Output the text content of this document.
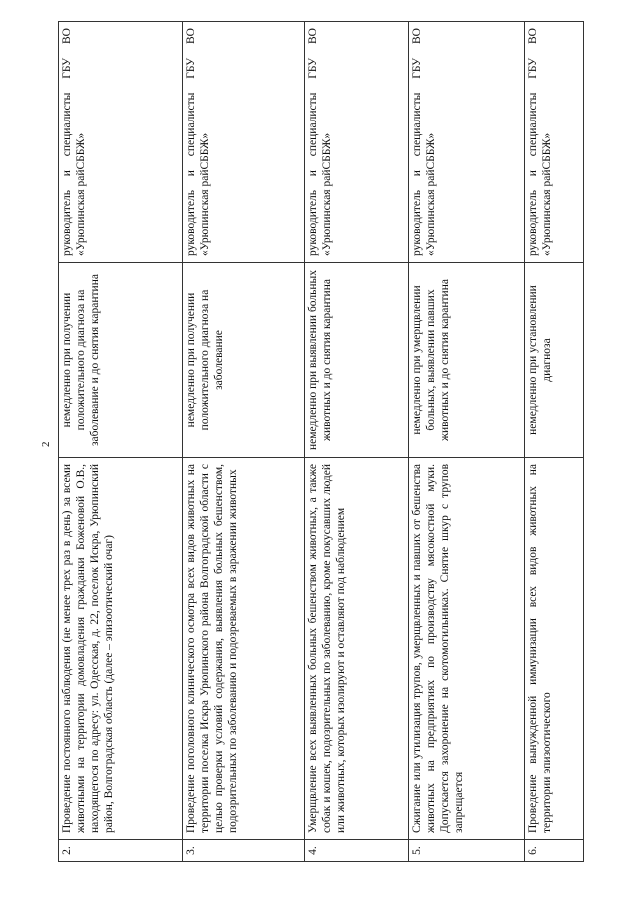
2
2.	Проведение постоянного наблюдения (не менее трех раз в день) за всеми животными на территории домовладения гражданки Боженовой О.В., находящегося по адресу: ул. Одесская, д. 22, поселок Искра, Урюпинский район, Волгоградская область (далее – эпизоотический очаг)	немедленно при получении положительного диагноза на заболевание и до снятия карантина	руководитель и специалисты ГБУ ВО «Урюпинская райСББЖ»
3.	Проведение поголовного клинического осмотра всех видов животных на территории поселка Искра Урюпинского района Волгоградской области с целью проверки условий содержания, выявления больных бешенством, подозрительных по заболеванию и подозреваемых в заражении животных	немедленно при получении положительного диагноза на заболевание	руководитель и специалисты ГБУ ВО «Урюпинская райСББЖ»
4.	Умерщвление всех выявленных больных бешенством животных, а также собак и кошек, подозрительных по заболеванию, кроме покусавших людей или животных, которых изолируют и оставляют под наблюдением	немедленно при выявлении больных животных и до снятия карантина	руководитель и специалисты ГБУ ВО «Урюпинская райСББЖ»
5.	Сжигание или утилизация трупов, умерщвленных и павших от бешенства животных на предприятиях по производству мясокостной муки. Допускается захоронение на скотомогильниках. Снятие шкур с трупов запрещается	немедленно при умерщвлении больных, выявлении павших животных и до снятия карантина	руководитель и специалисты ГБУ ВО «Урюпинская райСББЖ»
6.	Проведение вынужденной иммунизации всех видов животных на территории эпизоотического	немедленно при установлении диагноза	руководитель и специалисты ГБУ ВО «Урюпинская райСББЖ»
